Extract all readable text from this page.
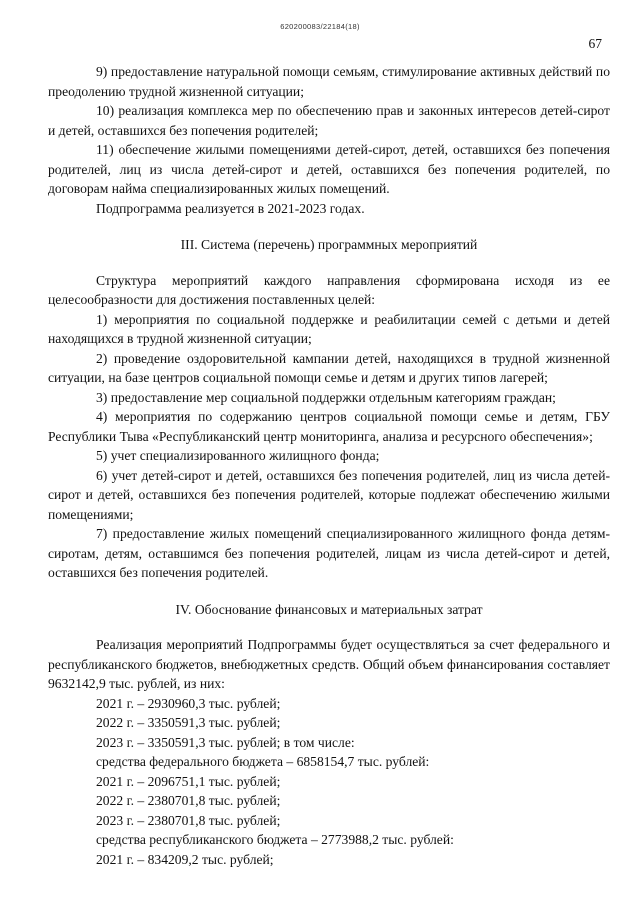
620200083/22184(18)
67

9) предоставление натуральной помощи семьям, стимулирование активных действий по преодолению трудной жизненной ситуации;

10) реализация комплекса мер по обеспечению прав и законных интересов детей-сирот и детей, оставшихся без попечения родителей;

11) обеспечение жилыми помещениями детей-сирот, детей, оставшихся без попечения родителей, лиц из числа детей-сирот и детей, оставшихся без попечения родителей, по договорам найма специализированных жилых помещений.

Подпрограмма реализуется в 2021-2023 годах.

III. Система (перечень) программных мероприятий

Структура мероприятий каждого направления сформирована исходя из ее целесообразности для достижения поставленных целей:

1) мероприятия по социальной поддержке и реабилитации семей с детьми и детей находящихся в трудной жизненной ситуации;

2) проведение оздоровительной кампании детей, находящихся в трудной жизненной ситуации, на базе центров социальной помощи семье и детям и других типов лагерей;

3) предоставление мер социальной поддержки отдельным категориям граждан;

4) мероприятия по содержанию центров социальной помощи семье и детям, ГБУ Республики Тыва «Республиканский центр мониторинга, анализа и ресурсного обеспечения»;

5) учет специализированного жилищного фонда;

6) учет детей-сирот и детей, оставшихся без попечения родителей, лиц из числа детей-сирот и детей, оставшихся без попечения родителей, которые подлежат обеспечению жилыми помещениями;

7) предоставление жилых помещений специализированного жилищного фонда детям-сиротам, детям, оставшимся без попечения родителей, лицам из числа детей-сирот и детей, оставшихся без попечения родителей.

IV. Обоснование финансовых и материальных затрат

Реализация мероприятий Подпрограммы будет осуществляться за счет федерального и республиканского бюджетов, внебюджетных средств. Общий объем финансирования составляет 9632142,9 тыс. рублей, из них:

2021 г. – 2930960,3 тыс. рублей;

2022 г. – 3350591,3 тыс. рублей;

2023 г. – 3350591,3 тыс. рублей; в том числе:

средства федерального бюджета – 6858154,7 тыс. рублей:

2021 г. – 2096751,1 тыс. рублей;

2022 г. – 2380701,8 тыс. рублей;

2023 г. – 2380701,8 тыс. рублей;

средства республиканского бюджета – 2773988,2 тыс. рублей:

2021 г. – 834209,2 тыс. рублей;
